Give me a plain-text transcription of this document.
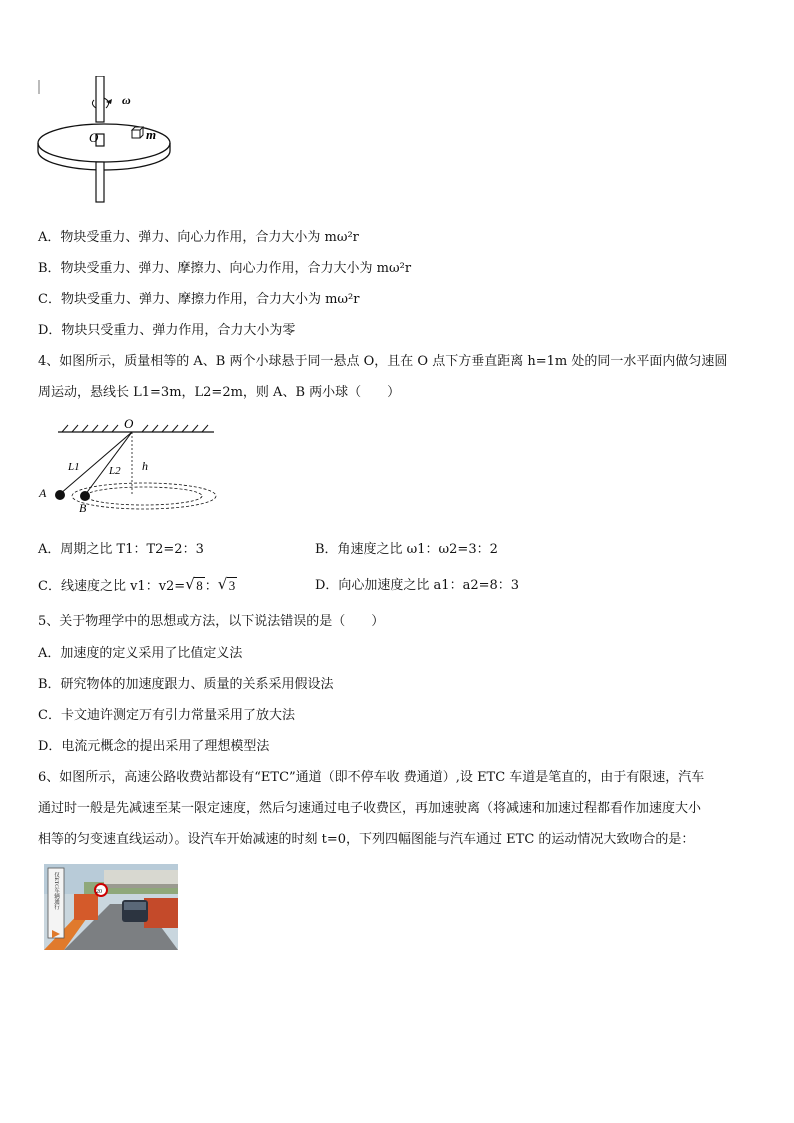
ω
O	m
A．物块受重力、弹力、向心力作用，合力大小为 mω²r
B．物块受重力、弹力、摩擦力、向心力作用，合力大小为 mω²r
C．物块受重力、弹力、摩擦力作用，合力大小为 mω²r
D．物块只受重力、弹力作用，合力大小为零
4、如图所示，质量相等的 A、B 两个小球悬于同一悬点 O，且在 O 点下方垂直距离 h=1m 处的同一水平面内做匀速圆
周运动，悬线长 L1=3m，L2=2m，则 A、B 两小球（　　）
O
L1	L2 h
A
B
A．周期之比 T1：T2=2：3	B．角速度之比 ω1：ω2=3：2
C．线速度之比 v1：v2= √ 8 ： √ 3	D．向心加速度之比 a1：a2=8：3
5、关于物理学中的思想或方法，以下说法错误的是（　　）
A．加速度的定义采用了比值定义法
B．研究物体的加速度跟力、质量的关系采用假设法
C．卡文迪许测定万有引力常量采用了放大法
D．电流元概念的提出采用了理想模型法
6、如图所示，高速公路收费站都设有“ETC”通道（即不停车收 费通道）,设 ETC 车道是笔直的，由于有限速，汽车
通过时一般是先减速至某一限定速度，然后匀速通过电子收费区，再加速驶离（将减速和加速过程都看作加速度大小
相等的匀变速直线运动）。设汽车开始减速的时刻 t=0，下列四幅图能与汽车通过 ETC 的运动情况大致吻合的是：
20
仅ETC车辆通行
